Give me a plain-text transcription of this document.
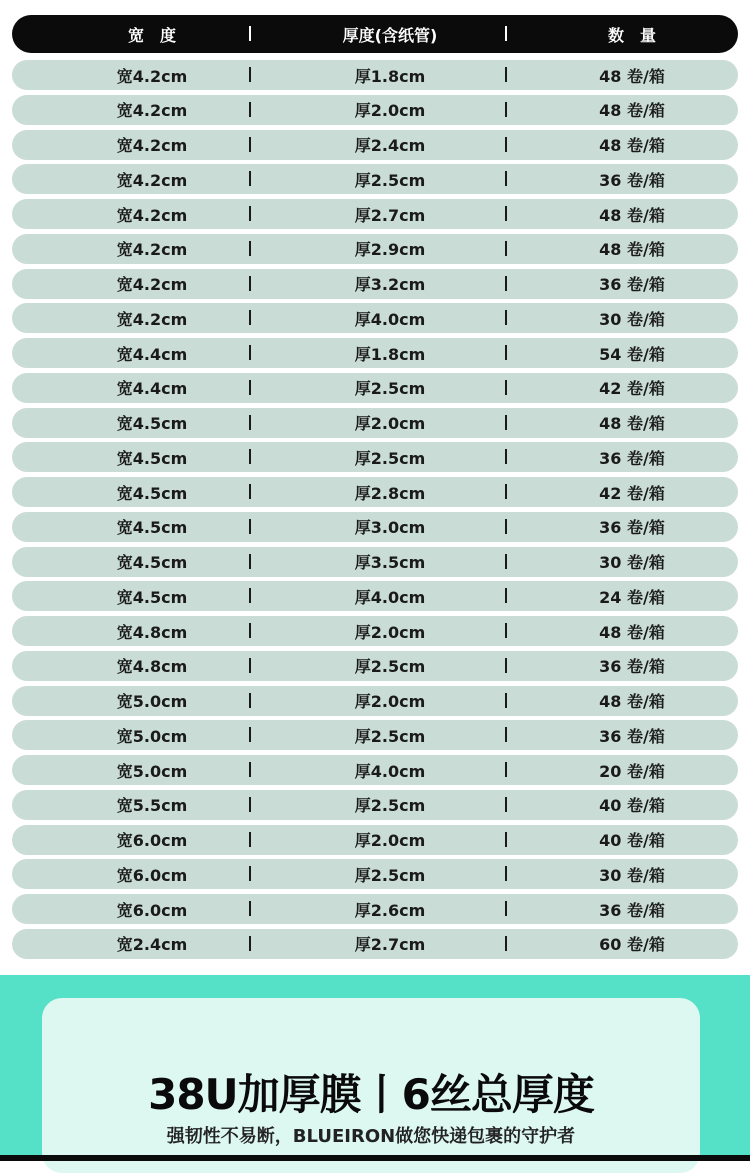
宽　度	厚度(含纸管)	数　量
宽4.2cm	厚1.8cm	48 卷/箱
宽4.2cm	厚2.0cm	48 卷/箱
宽4.2cm	厚2.4cm	48 卷/箱
宽4.2cm	厚2.5cm	36 卷/箱
宽4.2cm	厚2.7cm	48 卷/箱
宽4.2cm	厚2.9cm	48 卷/箱
宽4.2cm	厚3.2cm	36 卷/箱
宽4.2cm	厚4.0cm	30 卷/箱
宽4.4cm	厚1.8cm	54 卷/箱
宽4.4cm	厚2.5cm	42 卷/箱
宽4.5cm	厚2.0cm	48 卷/箱
宽4.5cm	厚2.5cm	36 卷/箱
宽4.5cm	厚2.8cm	42 卷/箱
宽4.5cm	厚3.0cm	36 卷/箱
宽4.5cm	厚3.5cm	30 卷/箱
宽4.5cm	厚4.0cm	24 卷/箱
宽4.8cm	厚2.0cm	48 卷/箱
宽4.8cm	厚2.5cm	36 卷/箱
宽5.0cm	厚2.0cm	48 卷/箱
宽5.0cm	厚2.5cm	36 卷/箱
宽5.0cm	厚4.0cm	20 卷/箱
宽5.5cm	厚2.5cm	40 卷/箱
宽6.0cm	厚2.0cm	40 卷/箱
宽6.0cm	厚2.5cm	30 卷/箱
宽6.0cm	厚2.6cm	36 卷/箱
宽2.4cm	厚2.7cm	60 卷/箱
38U加厚膜丨6丝总厚度
强韧性不易断，BLUEIRON做您快递包裹的守护者
